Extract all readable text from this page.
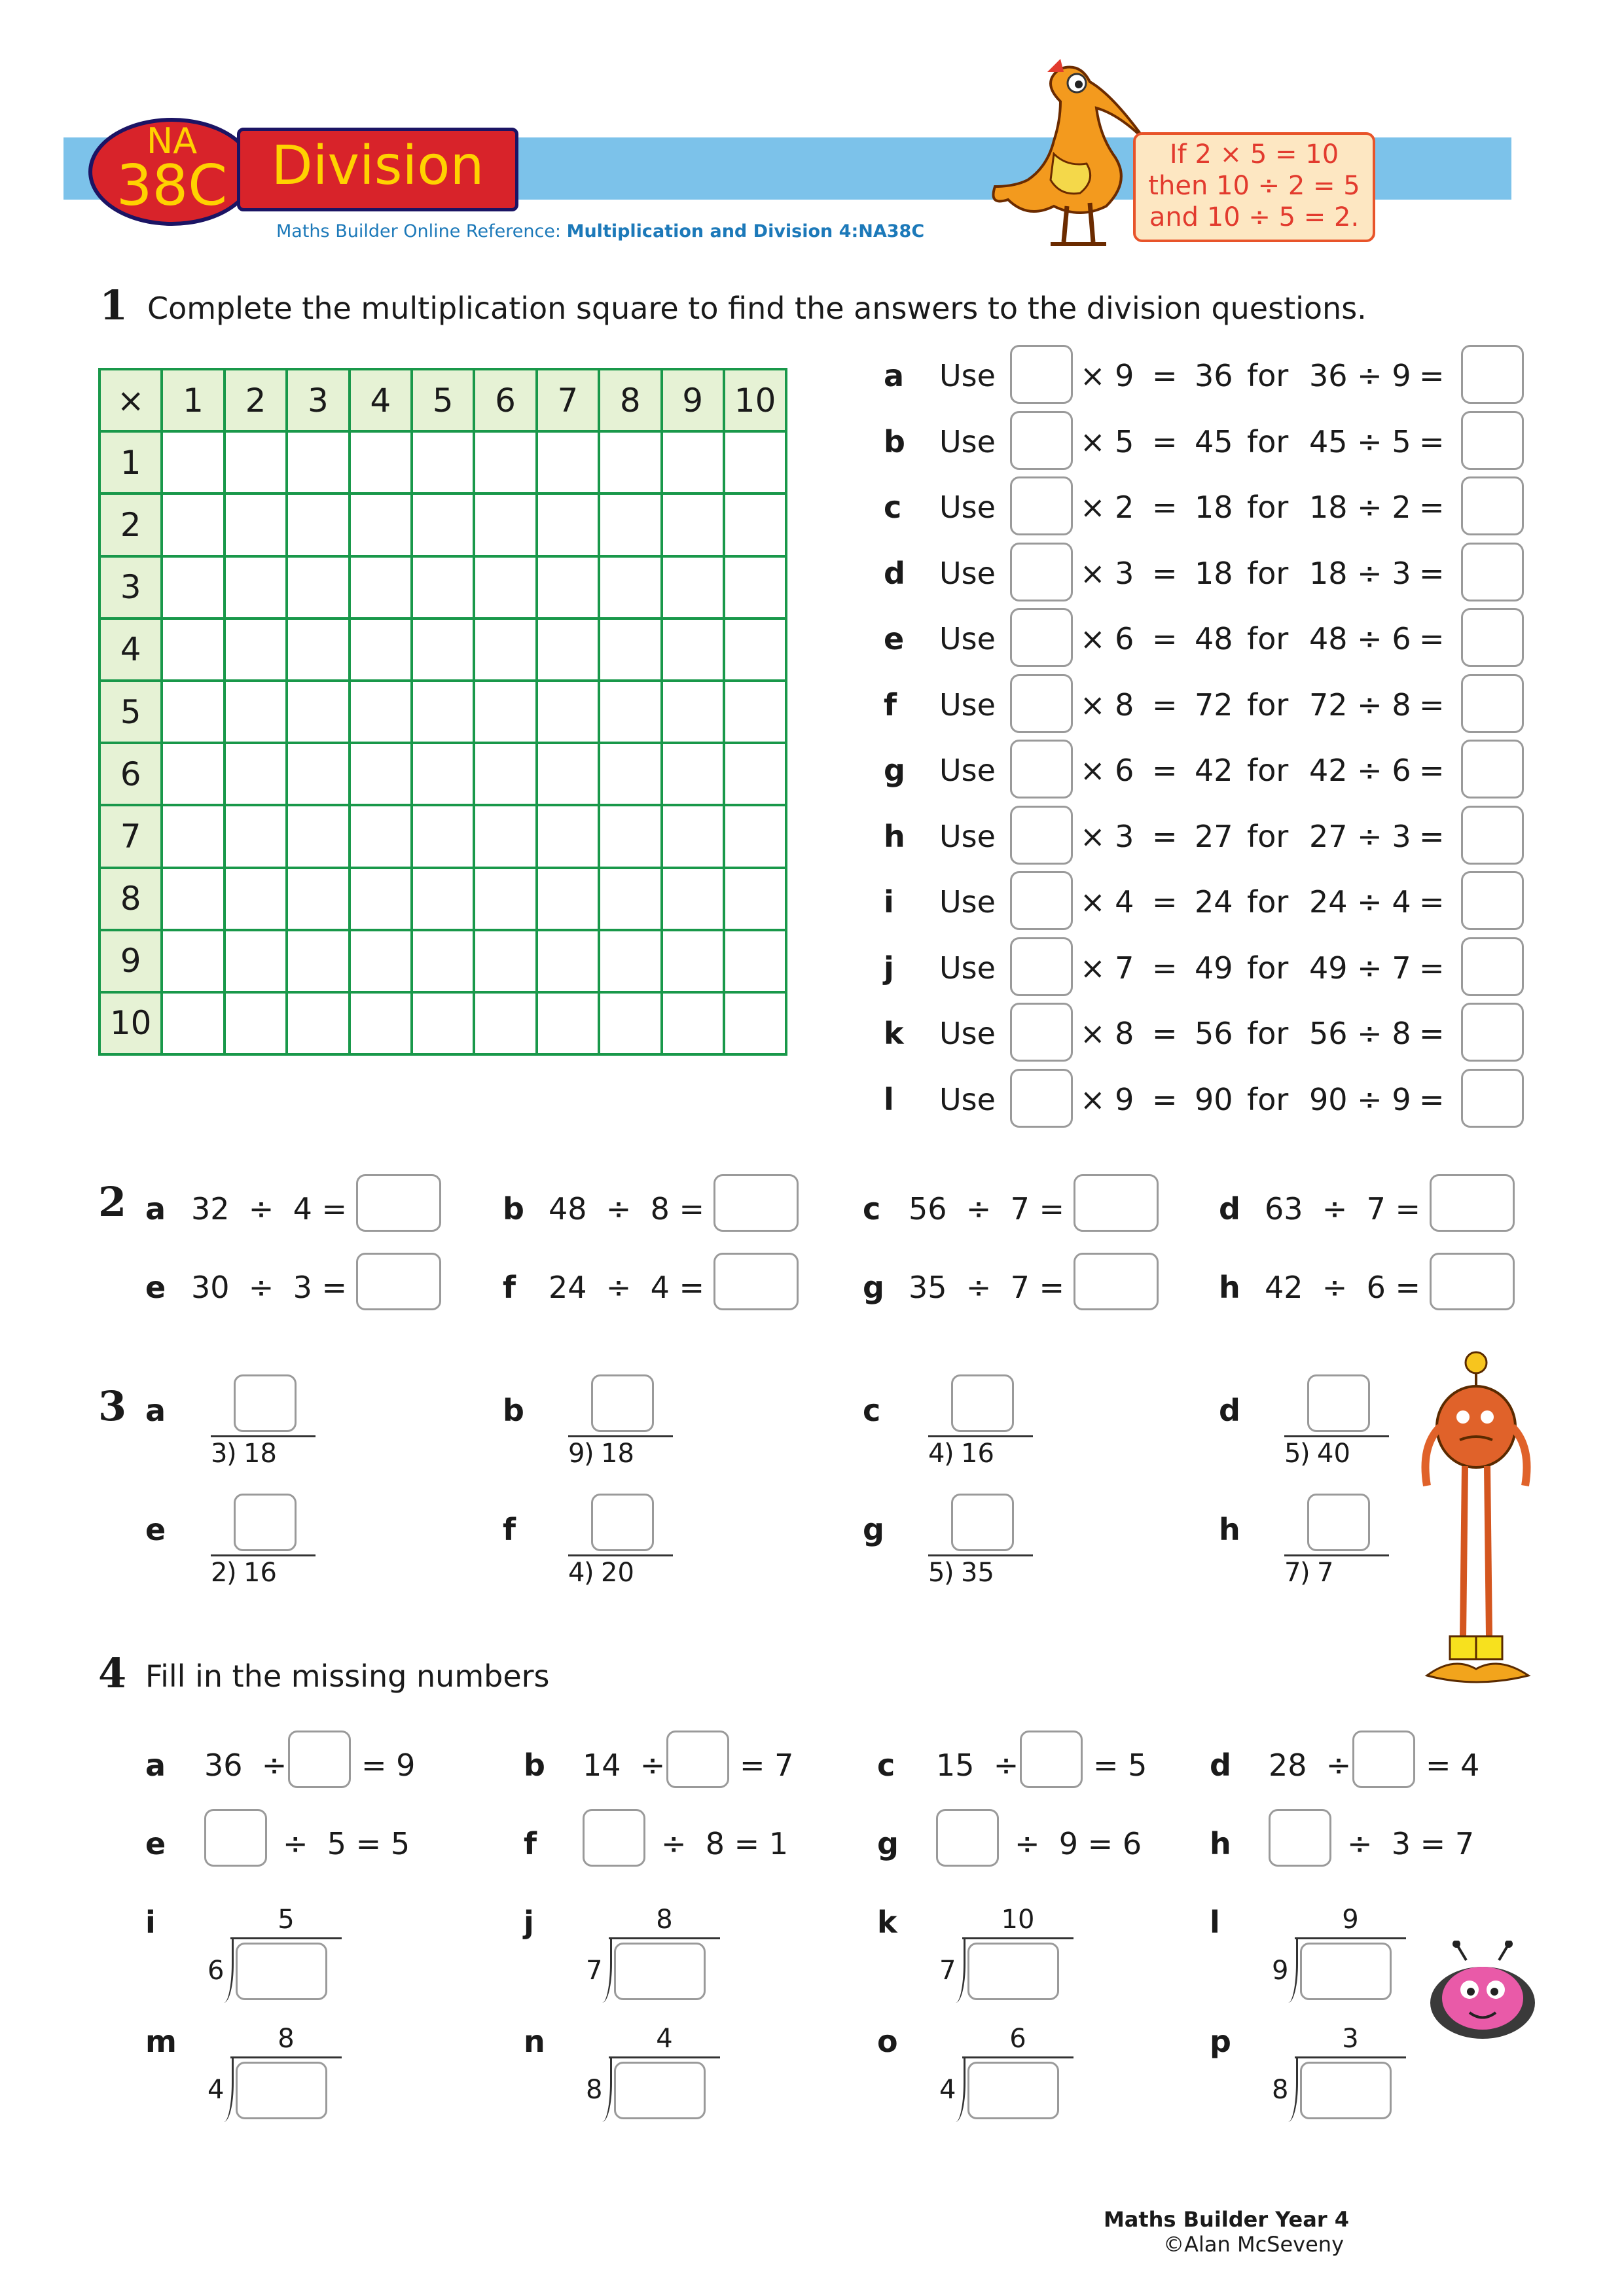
NA
38C Division
Maths Builder Online Reference: Multiplication and Division 4:NA38C
If 2 × 5 = 10
then 10 ÷ 2 = 5
and 10 ÷ 5 = 2.
1 Complete the multiplication square to find the answers to the division questions.
×	1	2	3	4	5	6	7	8	9	10
1										
2										
3										
4										
5										
6										
7										
8										
9										
10										
a Use	× 9 = 36 for 36 ÷ 9 =
b Use	× 5 = 45 for 45 ÷ 5 =
c Use	× 2 = 18 for 18 ÷ 2 =
d Use	× 3 = 18 for 18 ÷ 3 =
e Use	× 6 = 48 for 48 ÷ 6 =
f Use	× 8 = 72 for 72 ÷ 8 =
g Use	× 6 = 42 for 42 ÷ 6 =
h Use	× 3 = 27 for 27 ÷ 3 =
i Use	× 4 = 24 for 24 ÷ 4 =
j Use	× 7 = 49 for 49 ÷ 7 =
k Use	× 8 = 56 for 56 ÷ 8 =
l Use	× 9 = 90 for 90 ÷ 9 =
2 a 32  ÷  4 =	b 48  ÷  8 =	c 56  ÷  7 =	d 63  ÷  7 =
e 30  ÷  3 =	f 24  ÷  4 =	g 35  ÷  7 =	h 42  ÷  6 =
3 a
3
) 18
b
9
) 18
c
4
) 16
d
5
) 40
e
2
) 16
f
4
) 20
g
5
) 35
h
7
) 7
4 Fill in the missing numbers
a 36  ÷ = 9	b 14  ÷ = 7	c 15  ÷ = 5 d 28  ÷ = 4
e	÷  5 = 5	f	÷  8 = 1	g	÷  9 = 6 h	÷  3 = 7
i	5
6
j	8
7
k	10
7
l	9
9
m	8
4
n	4
8
o	6
4
p	3
8
Maths Builder Year 4
©Alan McSeveny
